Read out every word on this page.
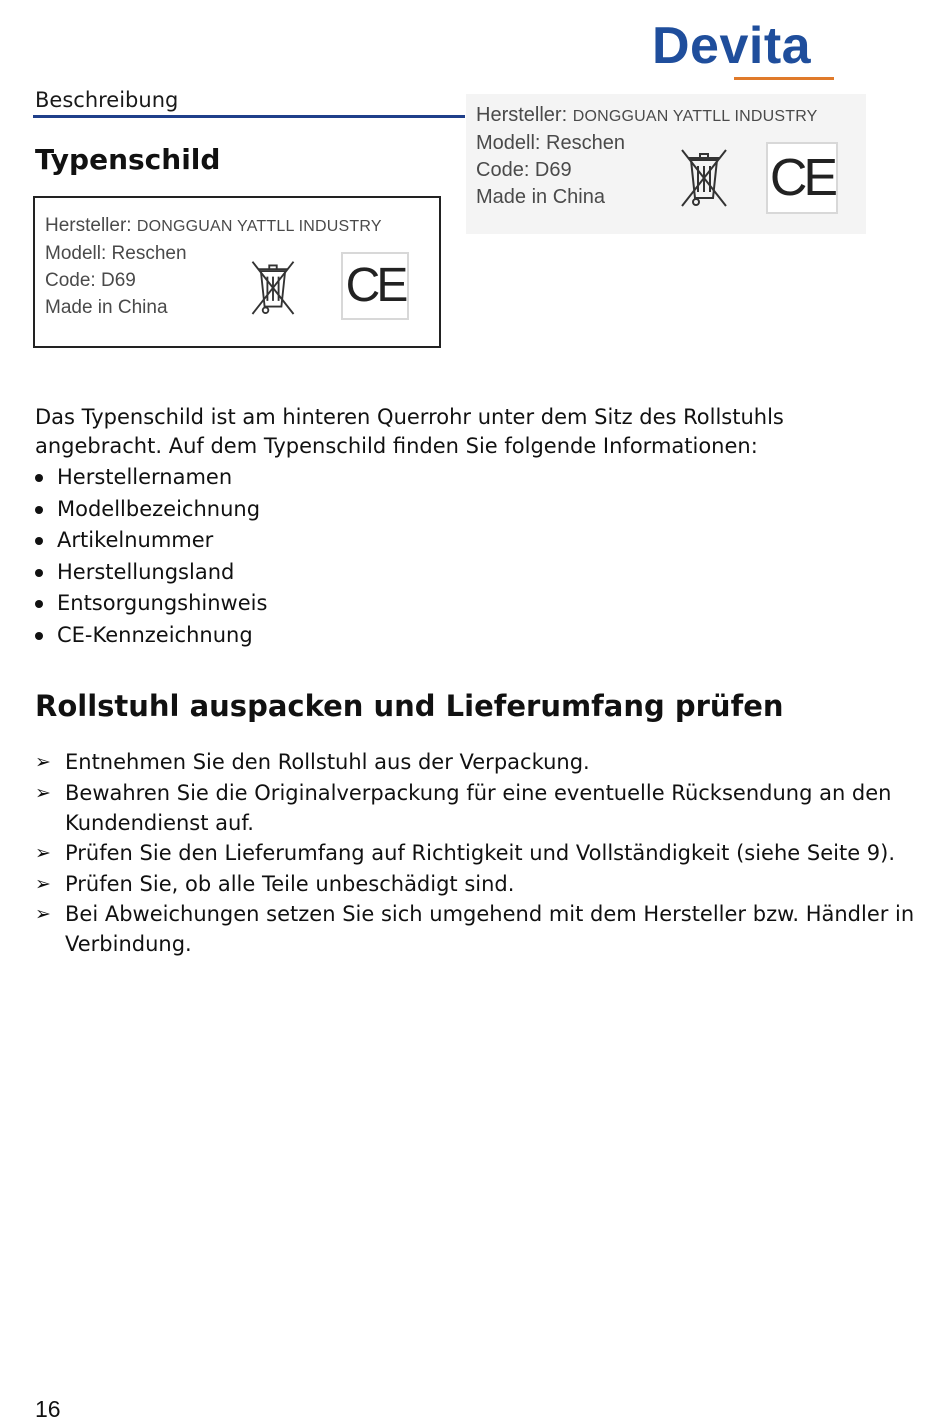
Devita
Beschreibung
Hersteller: DONGGUAN YATTLL INDUSTRY
Modell: Reschen
Code: D69
Made in China	CE
Typenschild
Hersteller: DONGGUAN YATTLL INDUSTRY
Modell: Reschen
Code: D69
Made in China	CE
Das Typenschild ist am hinteren Querrohr unter dem Sitz des Rollstuhls angebracht. Auf dem Typenschild finden Sie folgende Informationen:
Herstellernamen
Modellbezeichnung
Artikelnummer
Herstellungsland
Entsorgungshinweis
CE-Kennzeichnung
Rollstuhl auspacken und Lieferumfang prüfen
➢ Entnehmen Sie den Rollstuhl aus der Verpackung.
➢ Bewahren Sie die Originalverpackung für eine eventuelle Rücksendung an den Kundendienst auf.
➢ Prüfen Sie den Lieferumfang auf Richtigkeit und Vollständigkeit (siehe Seite 9).
➢ Prüfen Sie, ob alle Teile unbeschädigt sind.
➢ Bei Abweichungen setzen Sie sich umgehend mit dem Hersteller bzw. Händler in Verbindung.
16
